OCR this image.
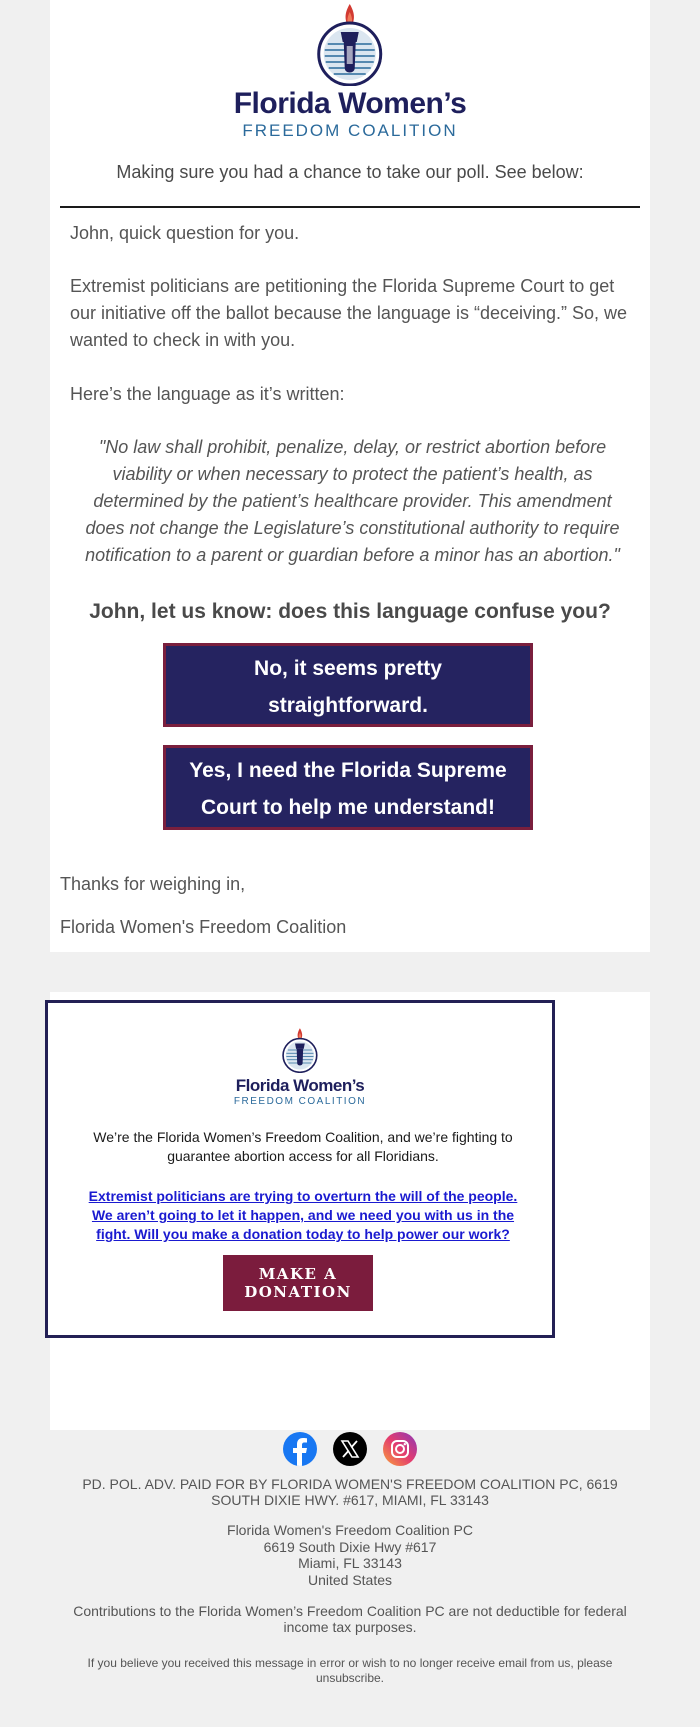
Florida Women’s
FREEDOM COALITION
Making sure you had a chance to take our poll. See below:

John, quick question for you.

Extremist politicians are petitioning the Florida Supreme Court to get our initiative off the ballot because the language is “deceiving.” So, we wanted to check in with you.

Here’s the language as it’s written:

"No law shall prohibit, penalize, delay, or restrict abortion before viability or when necessary to protect the patient’s health, as determined by the patient’s healthcare provider. This amendment does not change the Legislature’s constitutional authority to require notification to a parent or guardian before a minor has an abortion."

John, let us know: does this language confuse you?
No, it seems pretty straightforward.
Yes, I need the Florida Supreme Court to help me understand!
Thanks for weighing in,
Florida Women's Freedom Coalition
Florida Women’s
FREEDOM COALITION

We’re the Florida Women’s Freedom Coalition, and we’re fighting to guarantee abortion access for all Floridians.

Extremist politicians are trying to overturn the will of the people. We aren’t going to let it happen, and we need you with us in the fight. Will you make a donation today to help power our work?

MAKE A DONATION

PD. POL. ADV. PAID FOR BY FLORIDA WOMEN'S FREEDOM COALITION PC, 6619 SOUTH DIXIE HWY. #617, MIAMI, FL 33143

Florida Women's Freedom Coalition PC

6619 South Dixie Hwy #617

Miami, FL 33143

United States

Contributions to the Florida Women’s Freedom Coalition PC are not deductible for federal income tax purposes.

If you believe you received this message in error or wish to no longer receive email from us, please unsubscribe.
